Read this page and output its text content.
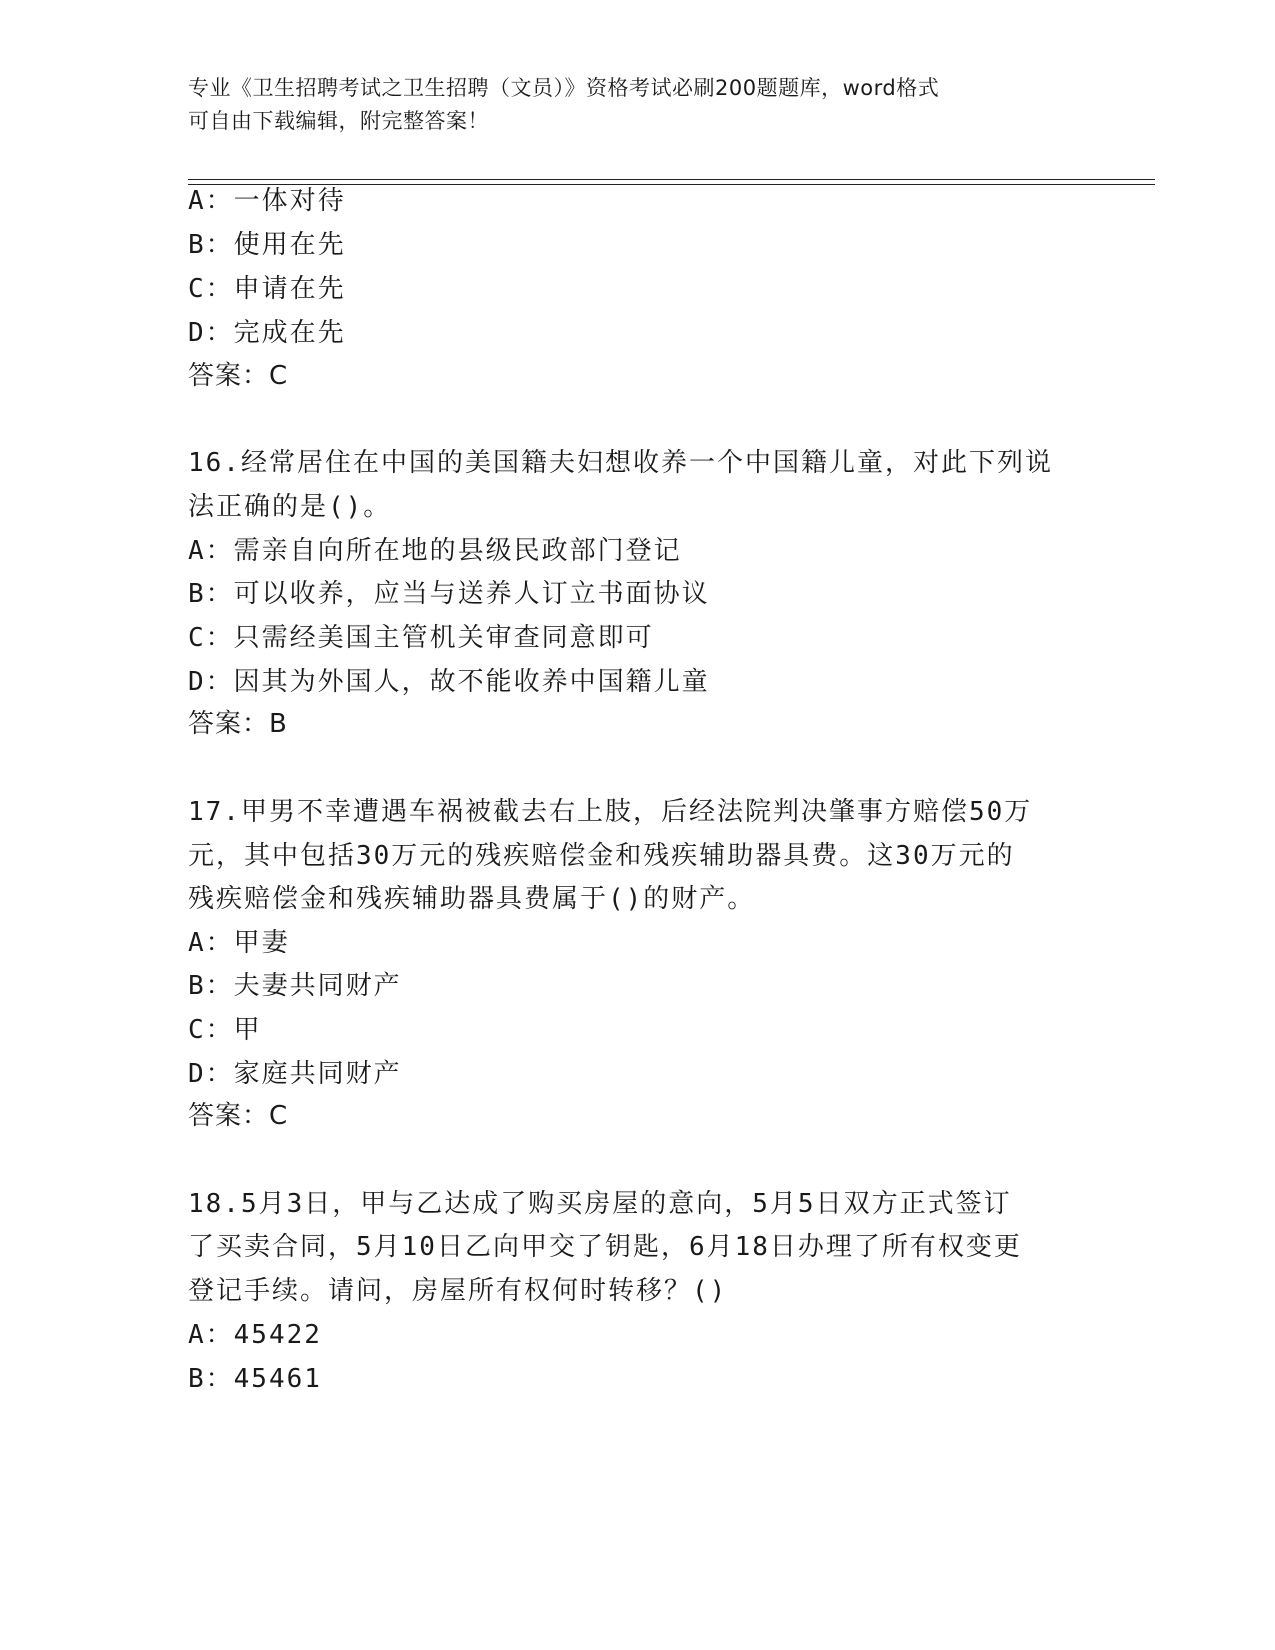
专业《卫生招聘考试之卫生招聘（文员）》资格考试必刷200题题库，word格式
可自由下载编辑，附完整答案！
A：一体对待
B：使用在先
C：申请在先
D：完成在先
答案：C
16.经常居住在中国的美国籍夫妇想收养一个中国籍儿童，对此下列说
法正确的是()。
A：需亲自向所在地的县级民政部门登记
B：可以收养，应当与送养人订立书面协议
C：只需经美国主管机关审查同意即可
D：因其为外国人，故不能收养中国籍儿童
答案：B
17.甲男不幸遭遇车祸被截去右上肢，后经法院判决肇事方赔偿50万
元，其中包括30万元的残疾赔偿金和残疾辅助器具费。这30万元的
残疾赔偿金和残疾辅助器具费属于()的财产。
A：甲妻
B：夫妻共同财产
C：甲
D：家庭共同财产
答案：C
18.5月3日，甲与乙达成了购买房屋的意向，5月5日双方正式签订
了买卖合同，5月10日乙向甲交了钥匙，6月18日办理了所有权变更
登记手续。请问，房屋所有权何时转移？()
A：45422
B：45461
